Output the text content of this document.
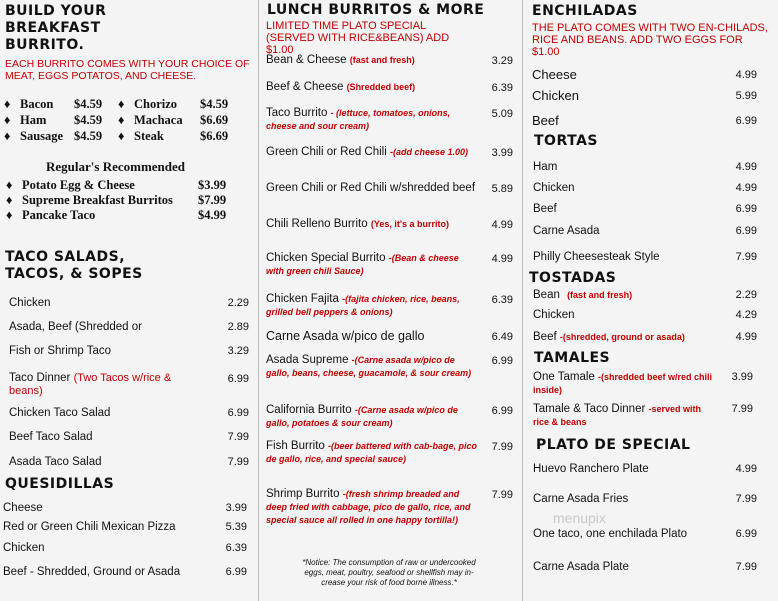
BUILD YOUR BREAKFAST BURRITO.
EACH BURRITO COMES WITH YOUR CHOICE OF MEAT, EGGS POTATOS, AND CHEESE.
♦ Bacon $4.59 ♦ Chorizo $4.59
♦ Ham $4.59 ♦ Machaca $6.69
♦ Sausage $4.59 ♦ Steak	$6.69
Regular's Recommended
♦ Potato Egg & Cheese	$3.99
♦ Supreme Breakfast Burritos $7.99
♦ Pancake Taco	$4.99
TACO SALADS, TACOS, & SOPES
Chicken	2.29
Asada, Beef (Shredded or	2.89
Fish or Shrimp Taco	3.29
Taco Dinner (Two Tacos w/rice & beans)
6.99
Chicken Taco Salad	6.99
Beef Taco Salad	7.99
Asada Taco Salad	7.99
QUESIDILLAS
Cheese	3.99
Red or Green Chili Mexican Pizza	5.39
Chicken	6.39
Beef - Shredded, Ground or Asada	6.99
LUNCH BURRITOS & MORE
LIMITED TIME PLATO SPECIAL (SERVED WITH RICE&BEANS) ADD $1.00
Bean & Cheese (fast and fresh)	3.29
Beef & Cheese (Shredded beef)	6.39
Taco Burrito - (lettuce, tomatoes, onions, cheese and sour cream)
5.09
Green Chili or Red Chili -(add cheese 1.00)	3.99
Green Chili or Red Chili w/shredded beef 5.89
Chili Relleno Burrito (Yes, it's a burrito)	4.99
Chicken Special Burrito -(Bean & cheese with green chili Sauce)
4.99
Chicken Fajita -(fajita chicken, rice, beans, grilled bell peppers & onions)
6.39
Carne Asada w/pico de gallo	6.49
Asada Supreme -(Carne asada w/pico de gallo, beans, cheese, guacamole, & sour cream)
6.99
California Burrito -(Carne asada w/pico de gallo, potatoes & sour cream)
6.99
Fish Burrito -(beer battered with cab-bage, pico de gallo, rice, and special sauce)
7.99
Shrimp Burrito -(fresh shrimp breaded and deep fried with cabbage, pico de gallo, rice, and special sauce all rolled in one happy tortilla!)
7.99
*Notice: The consumption of raw or undercooked eggs, meat, poultry, seafood or shellfish may in-crease your risk of food borne illness.*
ENCHILADAS
THE PLATO COMES WITH TWO EN-CHILADS, RICE AND BEANS. ADD TWO EGGS FOR $1.00
Cheese	4.99
Chicken	5.99
Beef	6.99
TORTAS
Ham	4.99
Chicken	4.99
Beef	6.99
Carne Asada	6.99
Philly Cheesesteak Style	7.99
TOSTADAS
Bean (fast and fresh)	2.29
Chicken	4.29
Beef -(shredded, ground or asada)	4.99
TAMALES
One Tamale -(shredded beef w/red chili inside)
3.99
Tamale & Taco Dinner -served with rice & beans
7.99
PLATO DE SPECIAL
Huevo Ranchero Plate	4.99
Carne Asada Fries	7.99
One taco, one enchilada Plato	6.99
Carne Asada Plate	7.99
menupix
